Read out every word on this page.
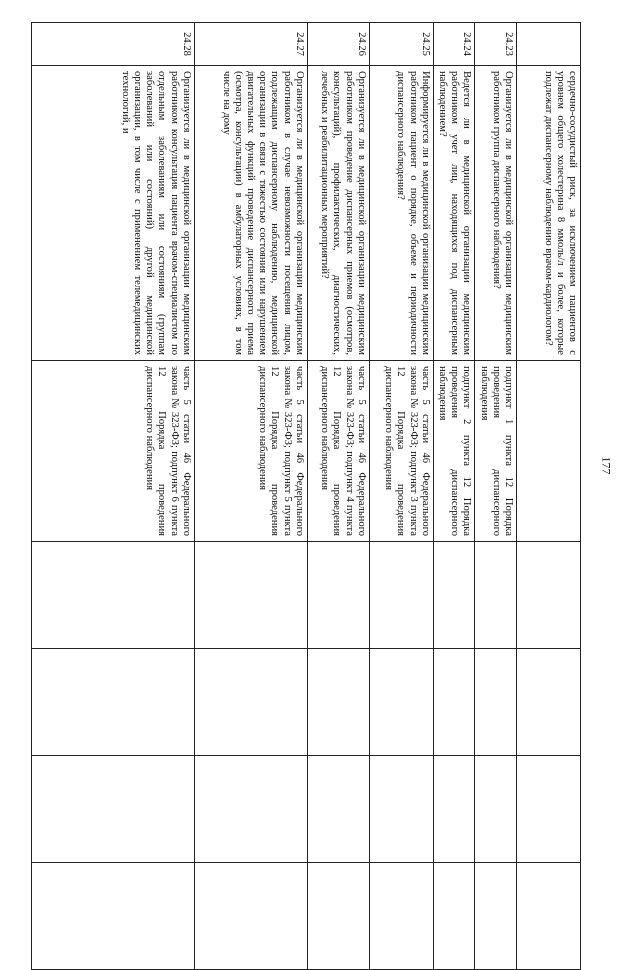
177
	сердечно-сосудистый риск, за исключением пациентов с уровнем общего холестерина 8 ммоль/л и более, которые подлежат диспансерному наблюдению врачом-кардиологом?					
24.23	Организуется ли в медицинской организации медицинским работником группа диспансерного наблюдения?	подпункт 1 пункта 12 Порядка проведения диспансерного наблюдения				
24.24	Ведется ли в медицинской организации медицинским работником учет лиц, находящихся под диспансерным наблюдением?	подпункт 2 пункта 12 Порядка проведения диспансерного наблюдения				
24.25	Информируется ли в медицинской организации медицинским работником пациент о порядке, объеме и периодичности диспансерного наблюдения?	часть 5 статьи 46 Федерального закона № 323-ФЗ; подпункт 3 пункта 12 Порядка проведения диспансерного наблюдения				
24.26	Организуется ли в медицинской организации медицинским работником проведение диспансерных приемов (осмотров, консультаций), профилактических, диагностических, лечебных и реабилитационных мероприятий?	часть 5 статьи 46 Федерального закона № 323-ФЗ; подпункт 4 пункта 12 Порядка проведения диспансерного наблюдения				
24.27	Организуется ли в медицинской организации медицинским работником в случае невозможности посещения лицом, подлежащим диспансерному наблюдению, медицинской организации в связи с тяжестью состояния или нарушением двигательных функций проведение диспансерного приема (осмотра, консультации) в амбулаторных условиях, в том числе на дому	часть 5 статьи 46 Федерального закона № 323-ФЗ; подпункт 5 пункта 12 Порядка проведения диспансерного наблюдения				
24.28	Организуется ли в медицинской организации медицинским работником консультация пациента врачом-специалистом по отдельным заболеваниям или состояниям (группам заболеваний или состояний) другой медицинской организации, в том числе с применением телемедицинских технологий, и	часть 5 статьи 46 Федерального закона № 323-ФЗ; подпункт 6 пункта 12 Порядка проведения диспансерного наблюдения				
